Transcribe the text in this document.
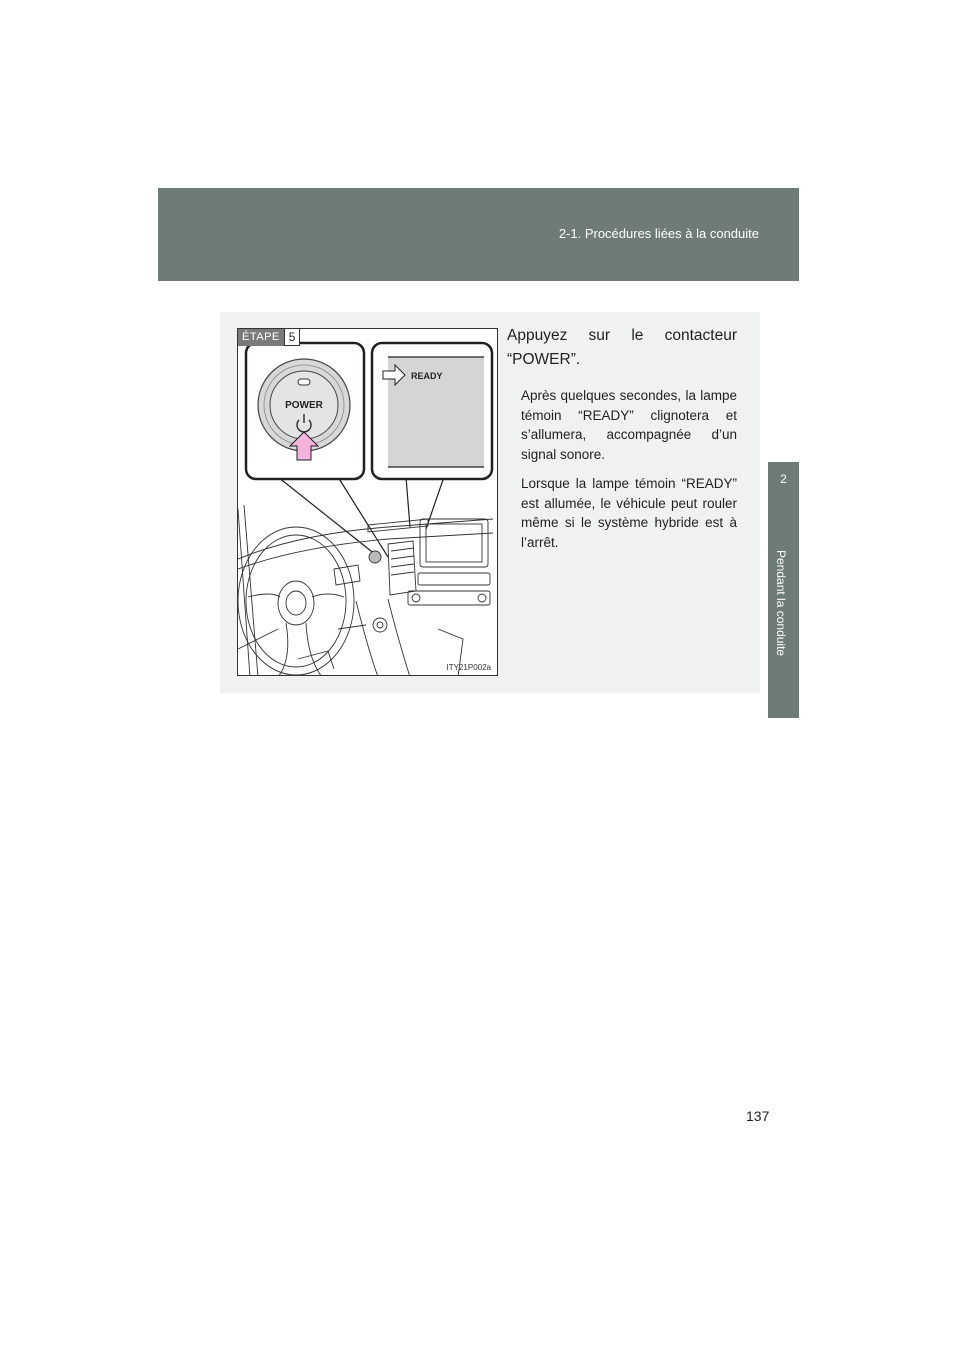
2-1. Procédures liées à la conduite
2
Pendant la conduite
POWER
READY
ÉTAPE 5
ITY21P002a

Appuyez sur le contacteur “POWER”.

Après quelques secondes, la lampe témoin “READY” clignotera et s’allumera, accompagnée d’un signal sonore.

Lorsque la lampe témoin “READY” est allumée, le véhicule peut rouler même si le système hybride est à l’arrêt.

137
